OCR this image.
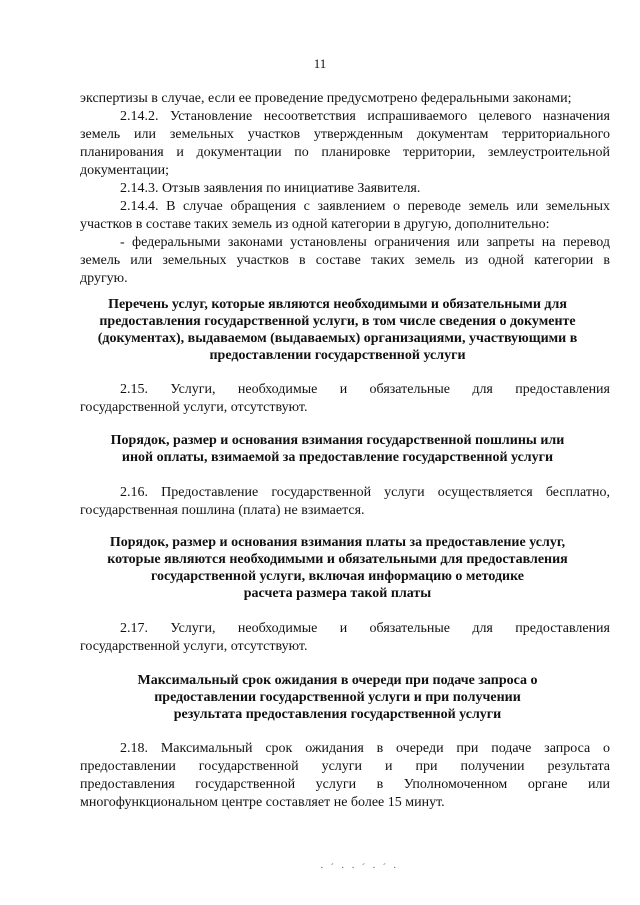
11
экспертизы в случае, если ее проведение предусмотрено федеральными законами;
2.14.2. Установление несоответствия испрашиваемого целевого назначения
земель или земельных участков утвержденным документам территориального
планирования и документации по планировке территории, землеустроительной
документации;
2.14.3. Отзыв заявления по инициативе Заявителя.
2.14.4. В случае обращения с заявлением о переводе земель или земельных
участков в составе таких земель из одной категории в другую, дополнительно:
- федеральными законами установлены ограничения или запреты на перевод
земель или земельных участков в составе таких земель из одной категории в
другую.
Перечень услуг, которые являются необходимыми и обязательными для
предоставления государственной услуги, в том числе сведения о документе
(документах), выдаваемом (выдаваемых) организациями, участвующими в
предоставлении государственной услуги
2.15. Услуги, необходимые и обязательные для предоставления
государственной услуги, отсутствуют.
Порядок, размер и основания взимания государственной пошлины или
иной оплаты, взимаемой за предоставление государственной услуги
2.16. Предоставление государственной услуги осуществляется бесплатно,
государственная пошлина (плата) не взимается.
Порядок, размер и основания взимания платы за предоставление услуг,
которые являются необходимыми и обязательными для предоставления
государственной услуги, включая информацию о методике
расчета размера такой платы
2.17. Услуги, необходимые и обязательные для предоставления
государственной услуги, отсутствуют.
Максимальный срок ожидания в очереди при подаче запроса о
предоставлении государственной услуги и при получении
результата предоставления государственной услуги
2.18. Максимальный срок ожидания в очереди при подаче запроса о
предоставлении государственной услуги и при получении результата
предоставления государственной услуги в Уполномоченном органе или
многофункциональном центре составляет не более 15 минут.
· ´ · · ´ · ´ ·
